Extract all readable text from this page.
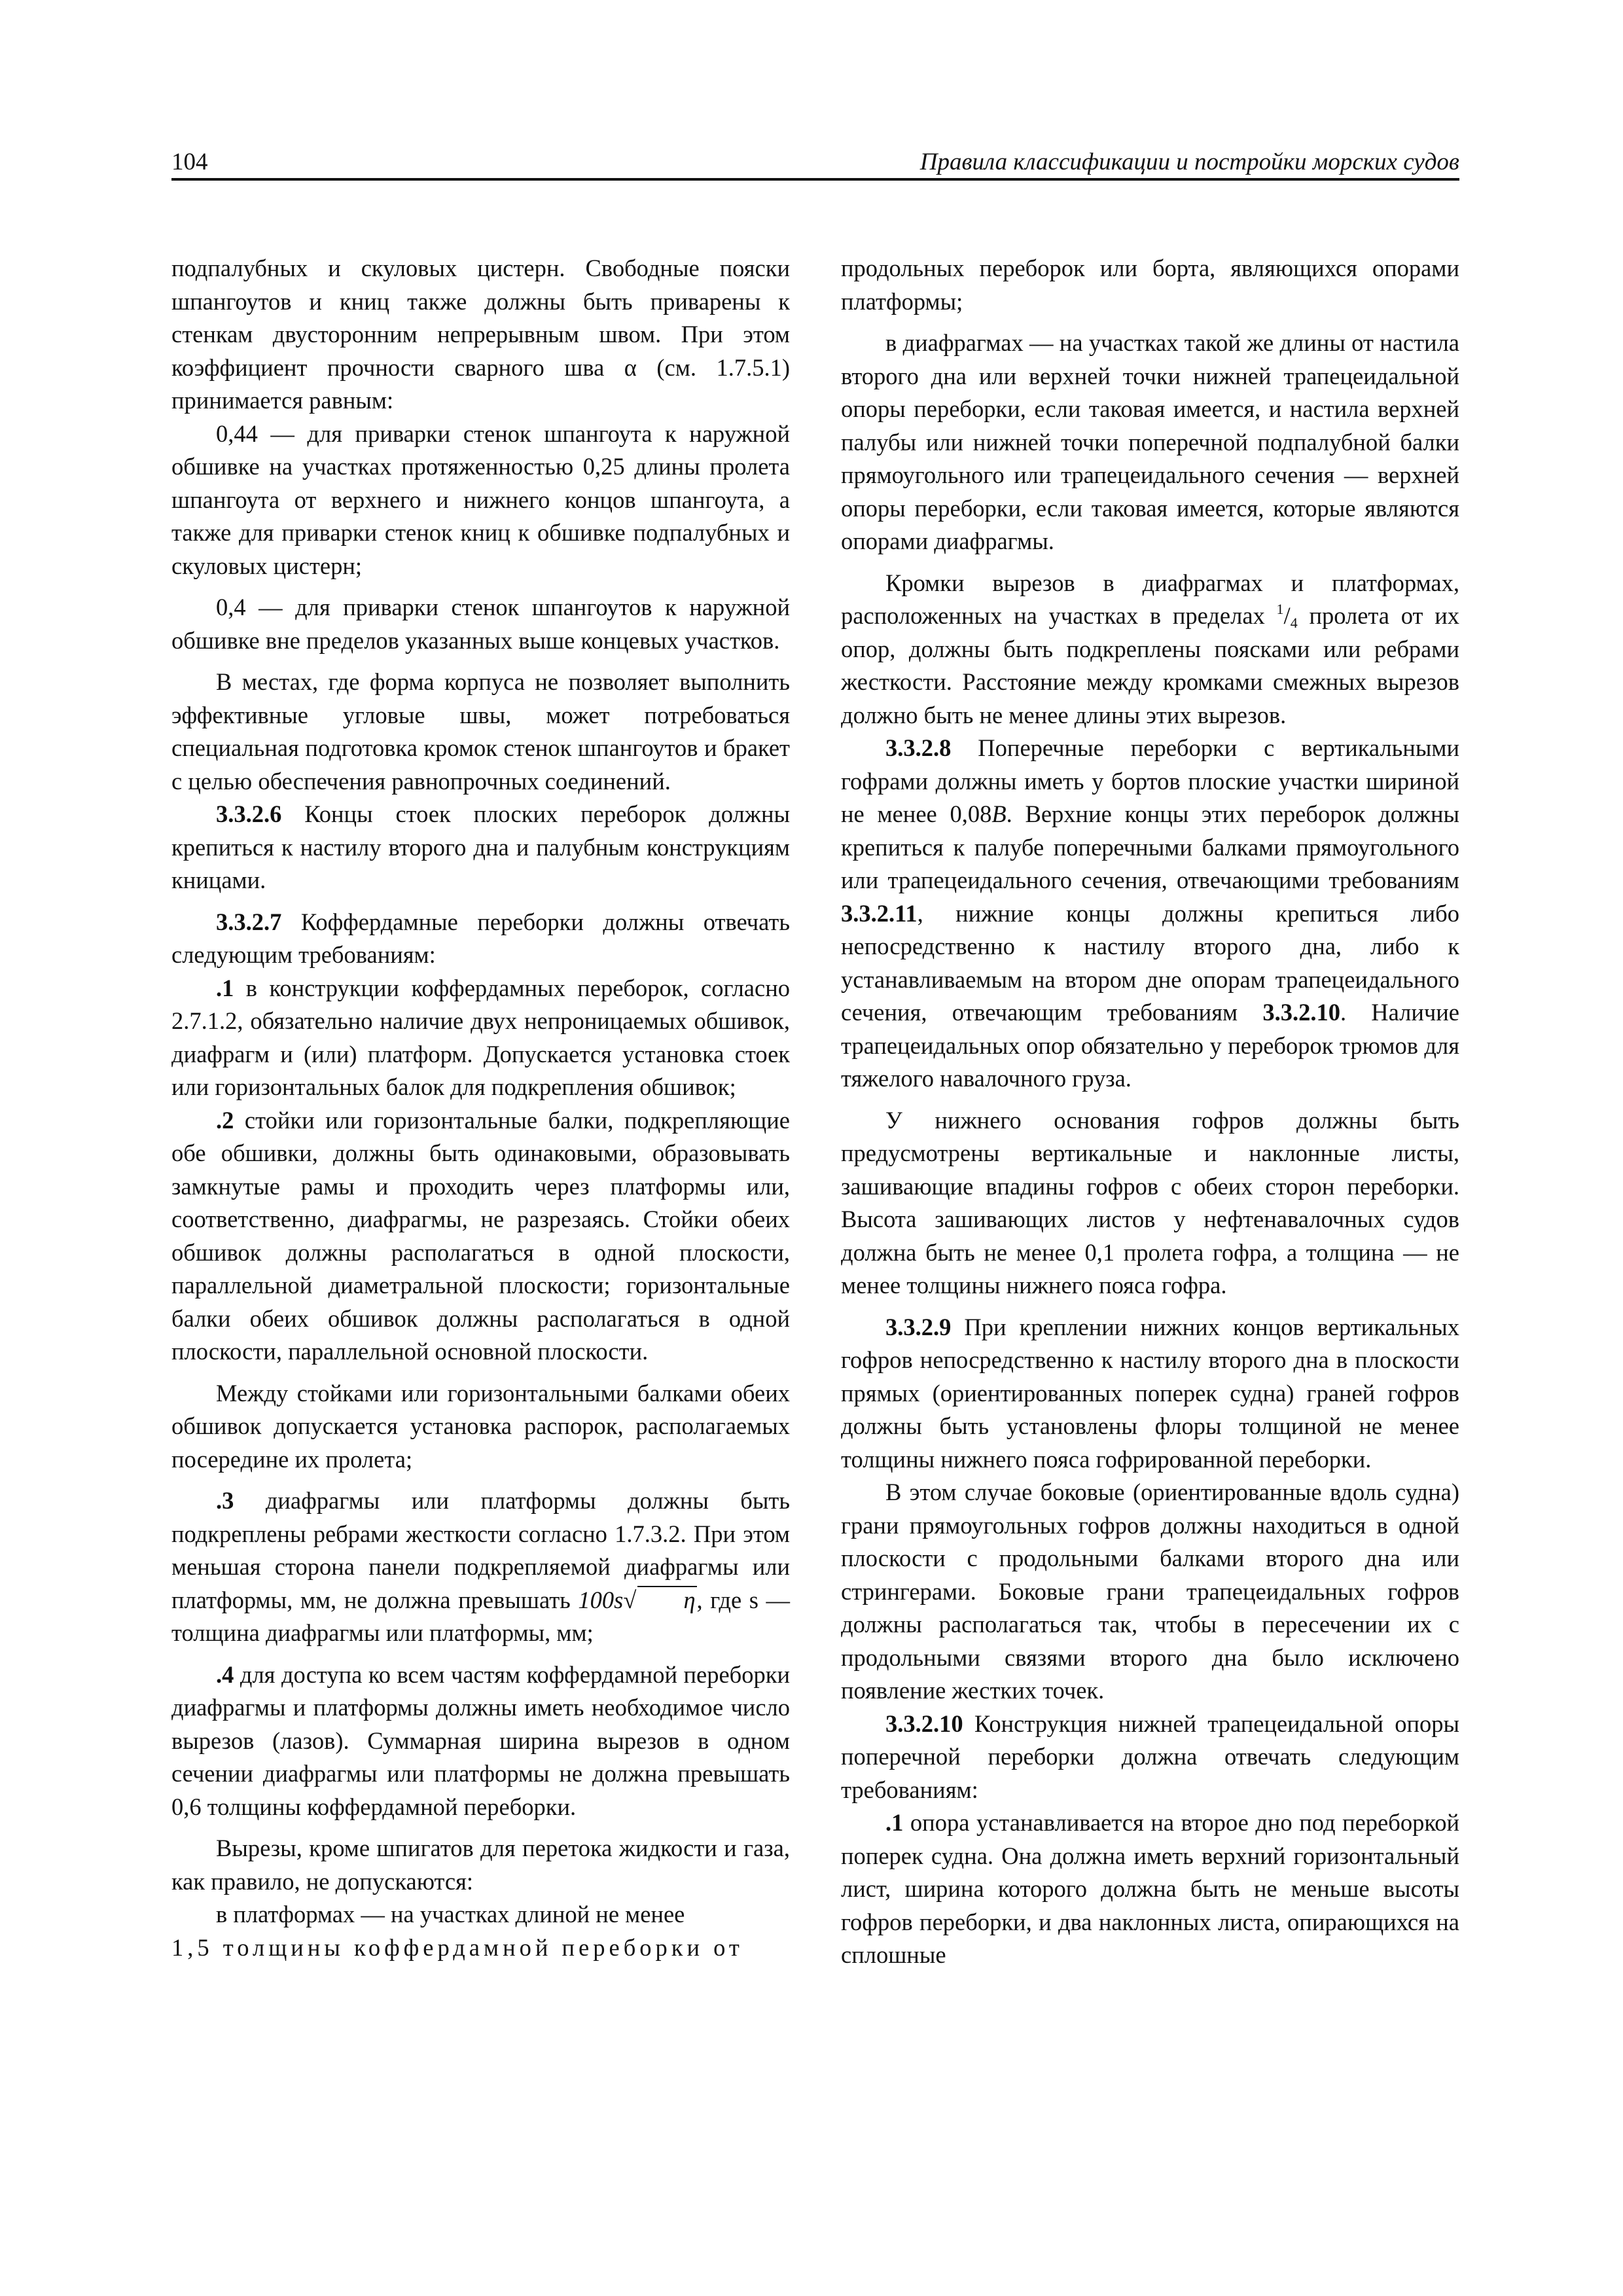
104	Правила классификации и постройки морских судов

подпалубных и скуловых цистерн. Свободные пояски шпангоутов и книц также должны быть приварены к стенкам двусторонним непрерывным швом. При этом коэффициент прочности сварного шва α (см. 1.7.5.1) принимается равным:

0,44 — для приварки стенок шпангоута к наружной обшивке на участках протяженностью 0,25 длины пролета шпангоута от верхнего и нижнего концов шпангоута, а также для приварки стенок книц к обшивке подпалубных и скуловых цистерн;

0,4 — для приварки стенок шпангоутов к наружной обшивке вне пределов указанных выше концевых участков.

В местах, где форма корпуса не позволяет выполнить эффективные угловые швы, может потребоваться специальная подготовка кромок стенок шпангоутов и бракет с целью обеспечения равнопрочных соединений.

3.3.2.6 Концы стоек плоских переборок должны крепиться к настилу второго дна и палубным конструкциям кницами.

3.3.2.7 Коффердамные переборки должны отвечать следующим требованиям:

.1 в конструкции коффердамных переборок, согласно 2.7.1.2, обязательно наличие двух непроницаемых обшивок, диафрагм и (или) платформ. Допускается установка стоек или горизонтальных балок для подкрепления обшивок;

.2 стойки или горизонтальные балки, подкрепляющие обе обшивки, должны быть одинаковыми, образовывать замкнутые рамы и проходить через платформы или, соответственно, диафрагмы, не разрезаясь. Стойки обеих обшивок должны располагаться в одной плоскости, параллельной диаметральной плоскости; горизонтальные балки обеих обшивок должны располагаться в одной плоскости, параллельной основной плоскости.

Между стойками или горизонтальными балками обеих обшивок допускается установка распорок, располагаемых посередине их пролета;

.3 диафрагмы или платформы должны быть подкреплены ребрами жесткости согласно 1.7.3.2. При этом меньшая сторона панели подкрепляемой диафрагмы или платформы, мм, не должна превышать 100s√ η, где s — толщина диафрагмы или платформы, мм;

.4 для доступа ко всем частям коффердамной переборки диафрагмы и платформы должны иметь необходимое число вырезов (лазов). Суммарная ширина вырезов в одном сечении диафрагмы или платформы не должна превышать 0,6 толщины коффердамной переборки.

Вырезы, кроме шпигатов для перетока жидкости и газа, как правило, не допускаются:

в платформах — на участках длиной не менее

1,5 толщины коффердамной переборки от

продольных переборок или борта, являющихся опорами платформы;

в диафрагмах — на участках такой же длины от настила второго дна или верхней точки нижней трапецеидальной опоры переборки, если таковая имеется, и настила верхней палубы или нижней точки поперечной подпалубной балки прямоугольного или трапецеидального сечения — верхней опоры переборки, если таковая имеется, которые являются опорами диафрагмы.

Кромки вырезов в диафрагмах и платформах, расположенных на участках в пределах $^1/_4$ пролета от их опор, должны быть подкреплены поясками или ребрами жесткости. Расстояние между кромками смежных вырезов должно быть не менее длины этих вырезов.

3.3.2.8 Поперечные переборки с вертикальными гофрами должны иметь у бортов плоские участки шириной не менее 0,08B. Верхние концы этих переборок должны крепиться к палубе поперечными балками прямоугольного или трапецеидального сечения, отвечающими требованиям 3.3.2.11, нижние концы должны крепиться либо непосредственно к настилу второго дна, либо к устанавливаемым на втором дне опорам трапецеидального сечения, отвечающим требованиям 3.3.2.10. Наличие трапецеидальных опор обязательно у переборок трюмов для тяжелого навалочного груза.

У нижнего основания гофров должны быть предусмотрены вертикальные и наклонные листы, зашивающие впадины гофров с обеих сторон переборки. Высота зашивающих листов у нефтенавалочных судов должна быть не менее 0,1 пролета гофра, а толщина — не менее толщины нижнего пояса гофра.

3.3.2.9 При креплении нижних концов вертикальных гофров непосредственно к настилу второго дна в плоскости прямых (ориентированных поперек судна) граней гофров должны быть установлены флоры толщиной не менее толщины нижнего пояса гофрированной переборки.

В этом случае боковые (ориентированные вдоль судна) грани прямоугольных гофров должны находиться в одной плоскости с продольными балками второго дна или стрингерами. Боковые грани трапецеидальных гофров должны располагаться так, чтобы в пересечении их с продольными связями второго дна было исключено появление жестких точек.

3.3.2.10 Конструкция нижней трапецеидальной опоры поперечной переборки должна отвечать следующим требованиям:

.1 опора устанавливается на второе дно под переборкой поперек судна. Она должна иметь верхний горизонтальный лист, ширина которого должна быть не меньше высоты гофров переборки, и два наклонных листа, опирающихся на сплошные
